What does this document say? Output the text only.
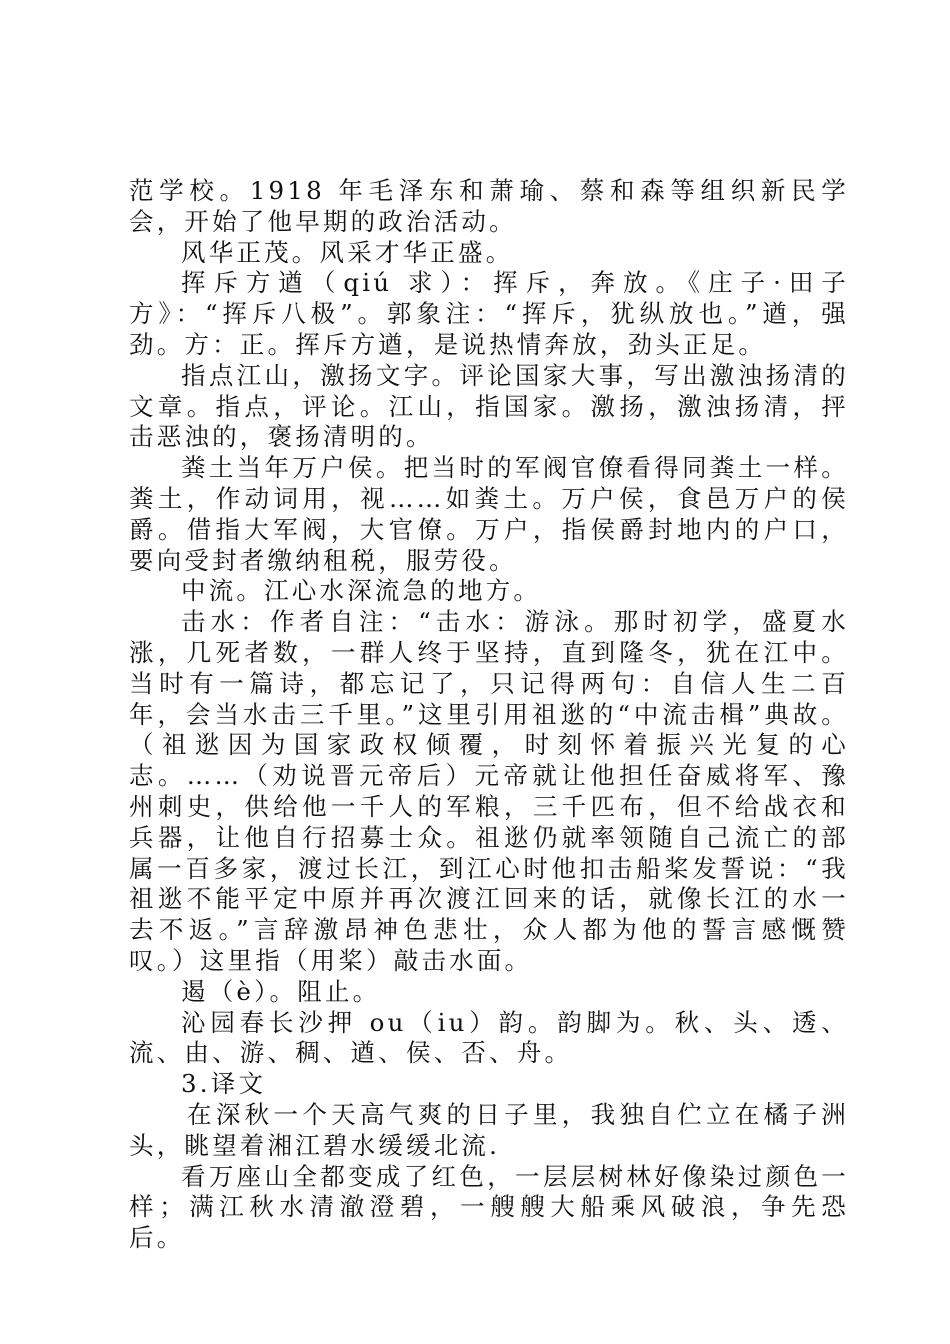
范学校。1918 年毛泽东和萧瑜、蔡和森等组织新民学会，开始了他早期的政治活动。

风华正茂。风采才华正盛。

挥斥方遒（qiú 求）：挥斥，奔放。《庄子·田子方》：“挥斥八极”。郭象注：“挥斥，犹纵放也。”遒，强劲。方：正。挥斥方遒，是说热情奔放，劲头正足。

指点江山，激扬文字。评论国家大事，写出激浊扬清的文章。指点，评论。江山，指国家。激扬，激浊扬清，抨击恶浊的，褒扬清明的。

粪土当年万户侯。把当时的军阀官僚看得同粪土一样。粪土，作动词用，视……如粪土。万户侯，食邑万户的侯爵。借指大军阀，大官僚。万户，指侯爵封地内的户口，要向受封者缴纳租税，服劳役。

中流。江心水深流急的地方。

击水：作者自注：“击水：游泳。那时初学，盛夏水涨，几死者数，一群人终于坚持，直到隆冬，犹在江中。当时有一篇诗，都忘记了，只记得两句：自信人生二百年，会当水击三千里。”这里引用祖逖的“中流击楫”典故。（祖逖因为国家政权倾覆，时刻怀着振兴光复的心志。……（劝说晋元帝后）元帝就让他担任奋威将军、豫州刺史，供给他一千人的军粮，三千匹布，但不给战衣和兵器，让他自行招募士众。祖逖仍就率领随自己流亡的部属一百多家，渡过长江，到江心时他扣击船桨发誓说：“我祖逖不能平定中原并再次渡江回来的话，就像长江的水一去不返。”言辞激昂神色悲壮，众人都为他的誓言感慨赞叹。）这里指（用桨）敲击水面。

遏（è）。阻止。

沁园春长沙押 ou（iu）韵。韵脚为。秋、头、透、流、由、游、稠、遒、侯、否、舟。

3.译文

在深秋一个天高气爽的日子里，我独自伫立在橘子洲头，眺望着湘江碧水缓缓北流.

看万座山全都变成了红色，一层层树林好像染过颜色一样；满江秋水清澈澄碧，一艘艘大船乘风破浪，争先恐后。
